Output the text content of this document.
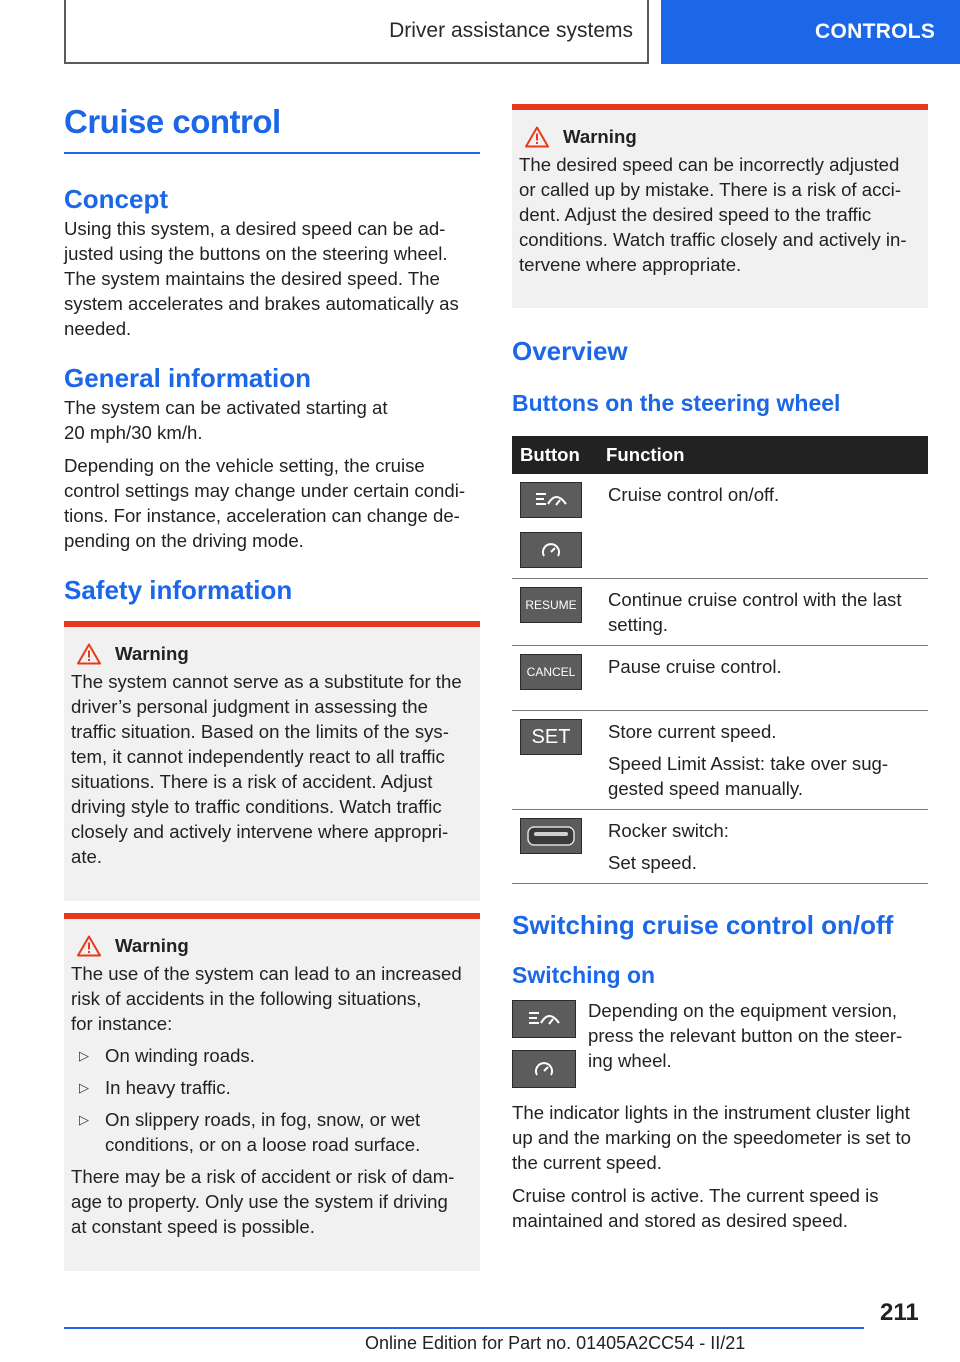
Driver assistance systems	CONTROLS
Cruise control
Concept

Using this system, a desired speed can be ad-
justed using the buttons on the steering wheel.
The system maintains the desired speed. The
system accelerates and brakes automatically as
needed.

General information

The system can be activated starting at
20 mph/30 km/h.

Depending on the vehicle setting, the cruise
control settings may change under certain condi-
tions. For instance, acceleration can change de-
pending on the driving mode.

Safety information
Warning

The system cannot serve as a substitute for the
driver’s personal judgment in assessing the
traffic situation. Based on the limits of the sys-
tem, it cannot independently react to all traffic
situations. There is a risk of accident. Adjust
driving style to traffic conditions. Watch traffic
closely and actively intervene where appropri-
ate.

Warning

The use of the system can lead to an increased
risk of accidents in the following situations,
for instance:

▷ On winding roads.
▷ In heavy traffic.
▷ On slippery roads, in fog, snow, or wet
conditions, or on a loose road surface.

There may be a risk of accident or risk of dam-
age to property. Only use the system if driving
at constant speed is possible.

Warning

The desired speed can be incorrectly adjusted
or called up by mistake. There is a risk of acci-
dent. Adjust the desired speed to the traffic
conditions. Watch traffic closely and actively in-
tervene where appropriate.

Overview
Buttons on the steering wheel
Button	Function

Cruise control on/off.

RESUME	Continue cruise control with the last
setting.

CANCEL	Pause cruise control.

SET	Store current speed.

Speed Limit Assist: take over sug-
gested speed manually.

Rocker switch:

Set speed.

Switching cruise control on/off
Switching on

Depending on the equipment version,
press the relevant button on the steer-
ing wheel.

The indicator lights in the instrument cluster light
up and the marking on the speedometer is set to
the current speed.

Cruise control is active. The current speed is
maintained and stored as desired speed.

211
Online Edition for Part no. 01405A2CC54 - II/21
